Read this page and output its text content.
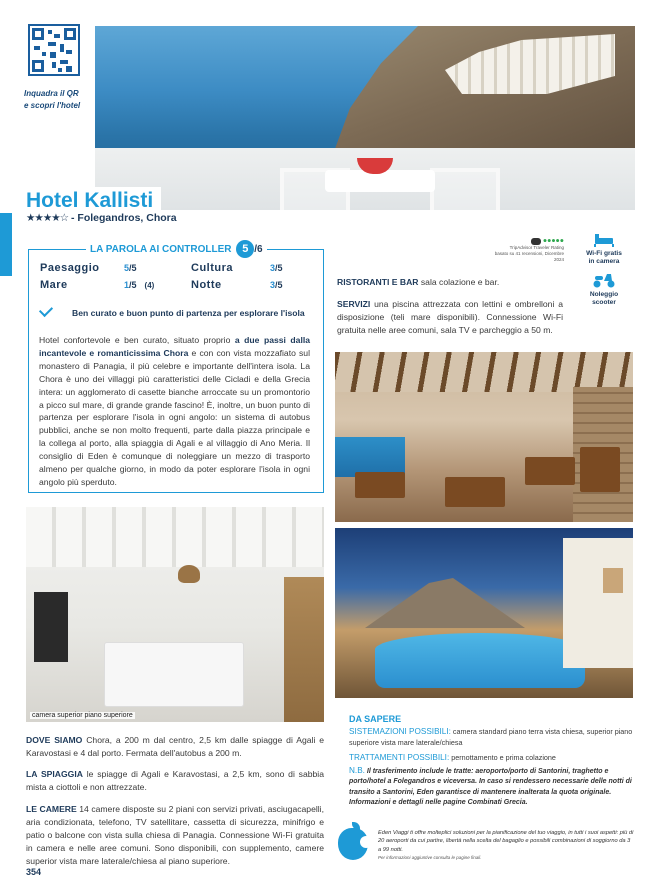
Inquadra il QR
e scopri l'hotel
Hotel Kallisti
★★★★☆ - Folegandros, Chora
LA PAROLA AI CONTROLLER 5 /6
Paesaggio	5/5	Cultura	3/5
Mare	1/5 (4)	Notte	3/5
Ben curato e buon punto di partenza per esplorare l'isola
Hotel confortevole e ben curato, situato proprio a due passi dalla incantevole e romanticissima Chora e con con vista mozzafiato sul monastero di Panagia, il più celebre e importante dell'intera isola. La Chora è uno dei villaggi più caratteristici delle Cicladi e della Grecia intera: un agglomerato di casette bianche arroccate su un promontorio a picco sul mare, di grande grande fascino! È, inoltre, un buon punto di partenza per esplorare l'isola in ogni angolo: un sistema di autobus pubblici, anche se non molto frequenti, parte dalla piazza principale e la collega al porto, alla spiaggia di Agali e al villaggio di Ano Meria. Il consiglio di Eden è comunque di noleggiare un mezzo di trasporto almeno per qualche giorno, in modo da poter esplorare l'isola in ogni angolo più sperduto.
●●●●●
TripAdvisor Traveler Rating
basato su 41 recensioni, Dicembre 2024
Wi-Fi gratis
in camera
Noleggio
scooter
RISTORANTI E BAR sala colazione e bar.
SERVIZI una piscina attrezzata con lettini e ombrelloni a disposizione (teli mare disponibili). Connessione Wi-Fi gratuita nelle aree comuni, sala TV e parcheggio a 50 m.
camera superior piano superiore
DOVE SIAMO Chora, a 200 m dal centro, 2,5 km dalle spiagge di Agali e Karavostasi e 4 dal porto. Fermata dell'autobus a 200 m.
LA SPIAGGIA le spiagge di Agali e Karavostasi, a 2,5 km, sono di sabbia mista a ciottoli e non attrezzate.
LE CAMERE 14 camere disposte su 2 piani con servizi privati, asciugacapelli, aria condizionata, telefono, TV satellitare, cassetta di sicurezza, minifrigo e patio o balcone con vista sulla chiesa di Panagia. Connessione Wi-Fi gratuita in camera e nelle aree comuni. Sono disponibili, con supplemento, camere superior vista mare laterale/chiesa al piano superiore.
DA SAPERE
SISTEMAZIONI POSSIBILI: camera standard piano terra vista chiesa, superior piano superiore vista mare laterale/chiesa
TRATTAMENTI POSSIBILI: pernottamento e prima colazione
N.B. Il trasferimento include le tratte: aeroporto/porto di Santorini, traghetto e porto/hotel a Folegandros e viceversa. In caso si rendessero necessarie delle notti di transito a Santorini, Eden garantisce di mantenere inalterata la quota originale. Informazioni e dettagli nelle pagine Combinati Grecia.
Eden Viaggi ti offre molteplici soluzioni per la pianificazione del tuo viaggio, in tutti i suoi aspetti: più di 20 aeroporti da cui partire, libertà nella scelta del bagaglio e possibili combinazioni di soggiorno da 3 a 99 notti.
Per informazioni aggiuntive consulta le pagine finali.
354
